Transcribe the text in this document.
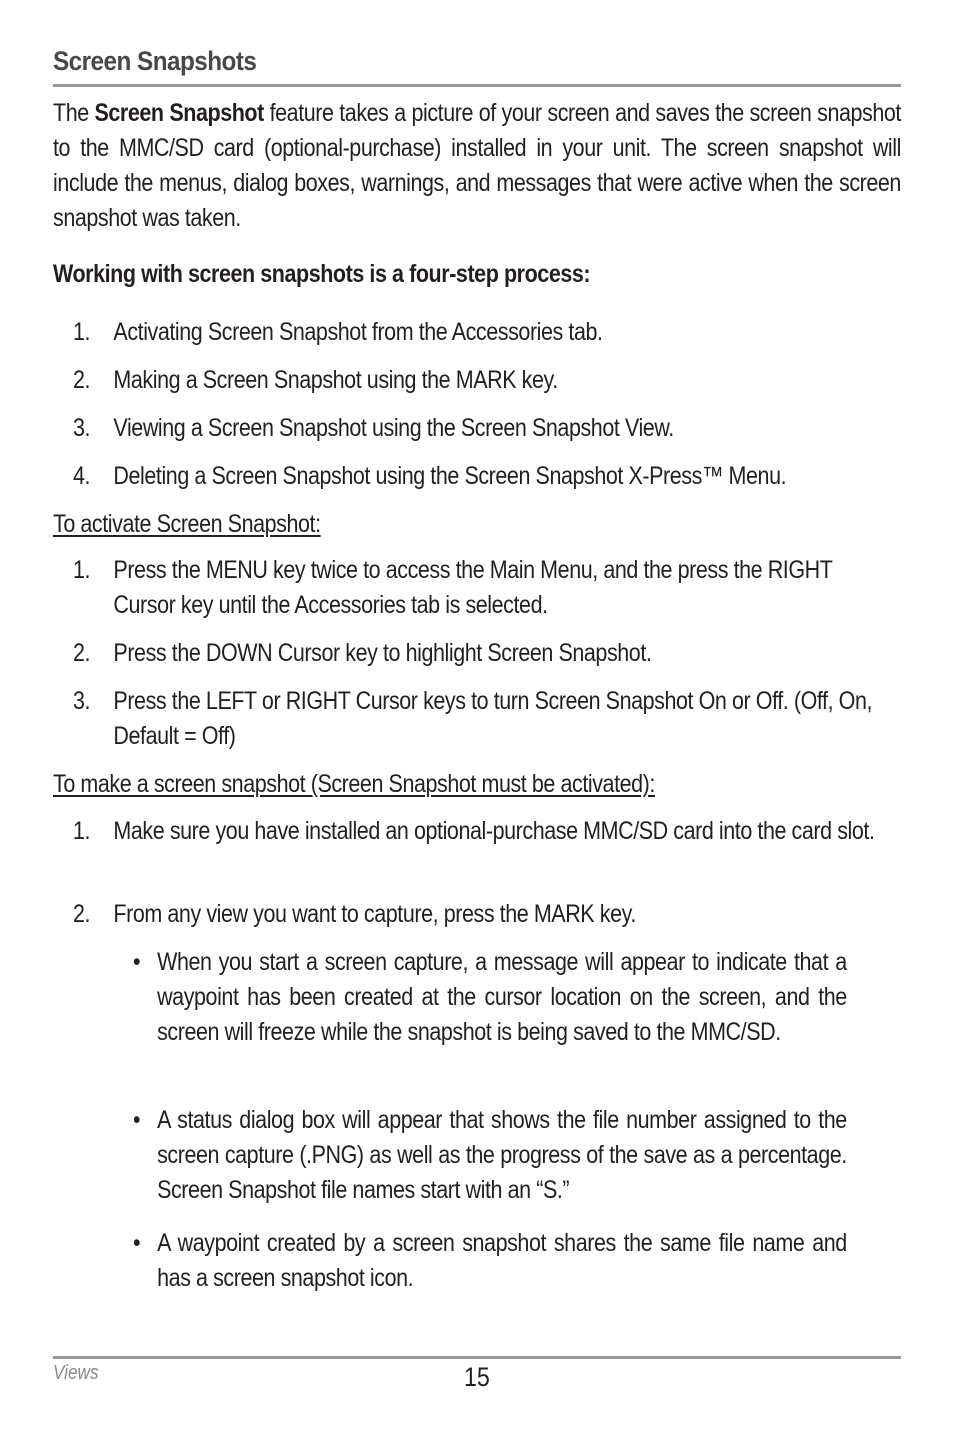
Screen Snapshots

The Screen Snapshot feature takes a picture of your screen and saves the screen snapshot to the MMC/SD card (optional-purchase) installed in your unit. The screen snapshot will include the menus, dialog boxes, warnings, and messages that were active when the screen snapshot was taken.

Working with screen snapshots is a four-step process:

1. Activating Screen Snapshot from the Accessories tab.
2. Making a Screen Snapshot using the MARK key.
3. Viewing a Screen Snapshot using the Screen Snapshot View.
4. Deleting a Screen Snapshot using the Screen Snapshot X-Press™ Menu.

To activate Screen Snapshot:

1. Press the MENU key twice to access the Main Menu, and the press the RIGHT Cursor key until the Accessories tab is selected.
2. Press the DOWN Cursor key to highlight Screen Snapshot.
3. Press the LEFT or RIGHT Cursor keys to turn Screen Snapshot On or Off. (Off, On, Default = Off)

To make a screen snapshot (Screen Snapshot must be activated):

1. Make sure you have installed an optional-purchase MMC/SD card into the card slot.
2. From any view you want to capture, press the MARK key.
• When you start a screen capture, a message will appear to indicate that a waypoint has been created at the cursor location on the screen, and the screen will freeze while the snapshot is being saved to the MMC/SD.
• A status dialog box will appear that shows the file number assigned to the screen capture (.PNG) as well as the progress of the save as a percentage. Screen Snapshot file names start with an “S.”
• A waypoint created by a screen snapshot shares the same file name and has a screen snapshot icon.
Views	15
